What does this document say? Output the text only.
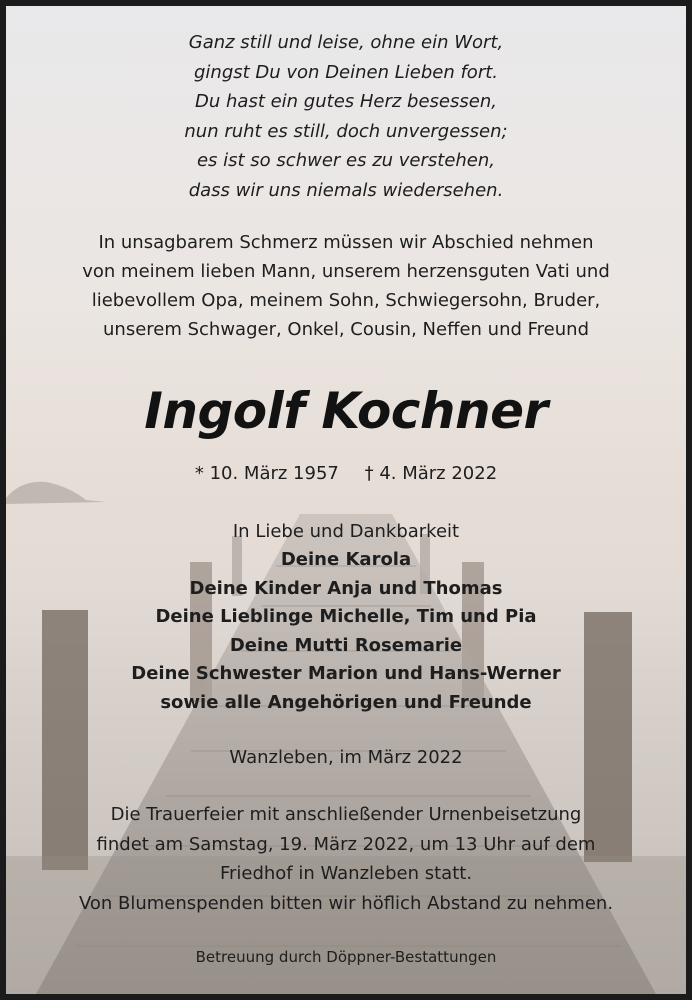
Ganz still und leise, ohne ein Wort,
gingst Du von Deinen Lieben fort.
Du hast ein gutes Herz besessen,
nun ruht es still, doch unvergessen;
es ist so schwer es zu verstehen,
dass wir uns niemals wiedersehen.
In unsagbarem Schmerz müssen wir Abschied nehmen
von meinem lieben Mann, unserem herzensguten Vati und
liebevollem Opa, meinem Sohn, Schwiegersohn, Bruder,
unserem Schwager, Onkel, Cousin, Neffen und Freund
Ingolf Kochner
* 10. März 1957 † 4. März 2022
In Liebe und Dankbarkeit
Deine Karola
Deine Kinder Anja und Thomas
Deine Lieblinge Michelle, Tim und Pia
Deine Mutti Rosemarie
Deine Schwester Marion und Hans-Werner
sowie alle Angehörigen und Freunde
Wanzleben, im März 2022
Die Trauerfeier mit anschließender Urnenbeisetzung
findet am Samstag, 19. März 2022, um 13 Uhr auf dem
Friedhof in Wanzleben statt.
Von Blumenspenden bitten wir höflich Abstand zu nehmen.
Betreuung durch Döppner-Bestattungen
